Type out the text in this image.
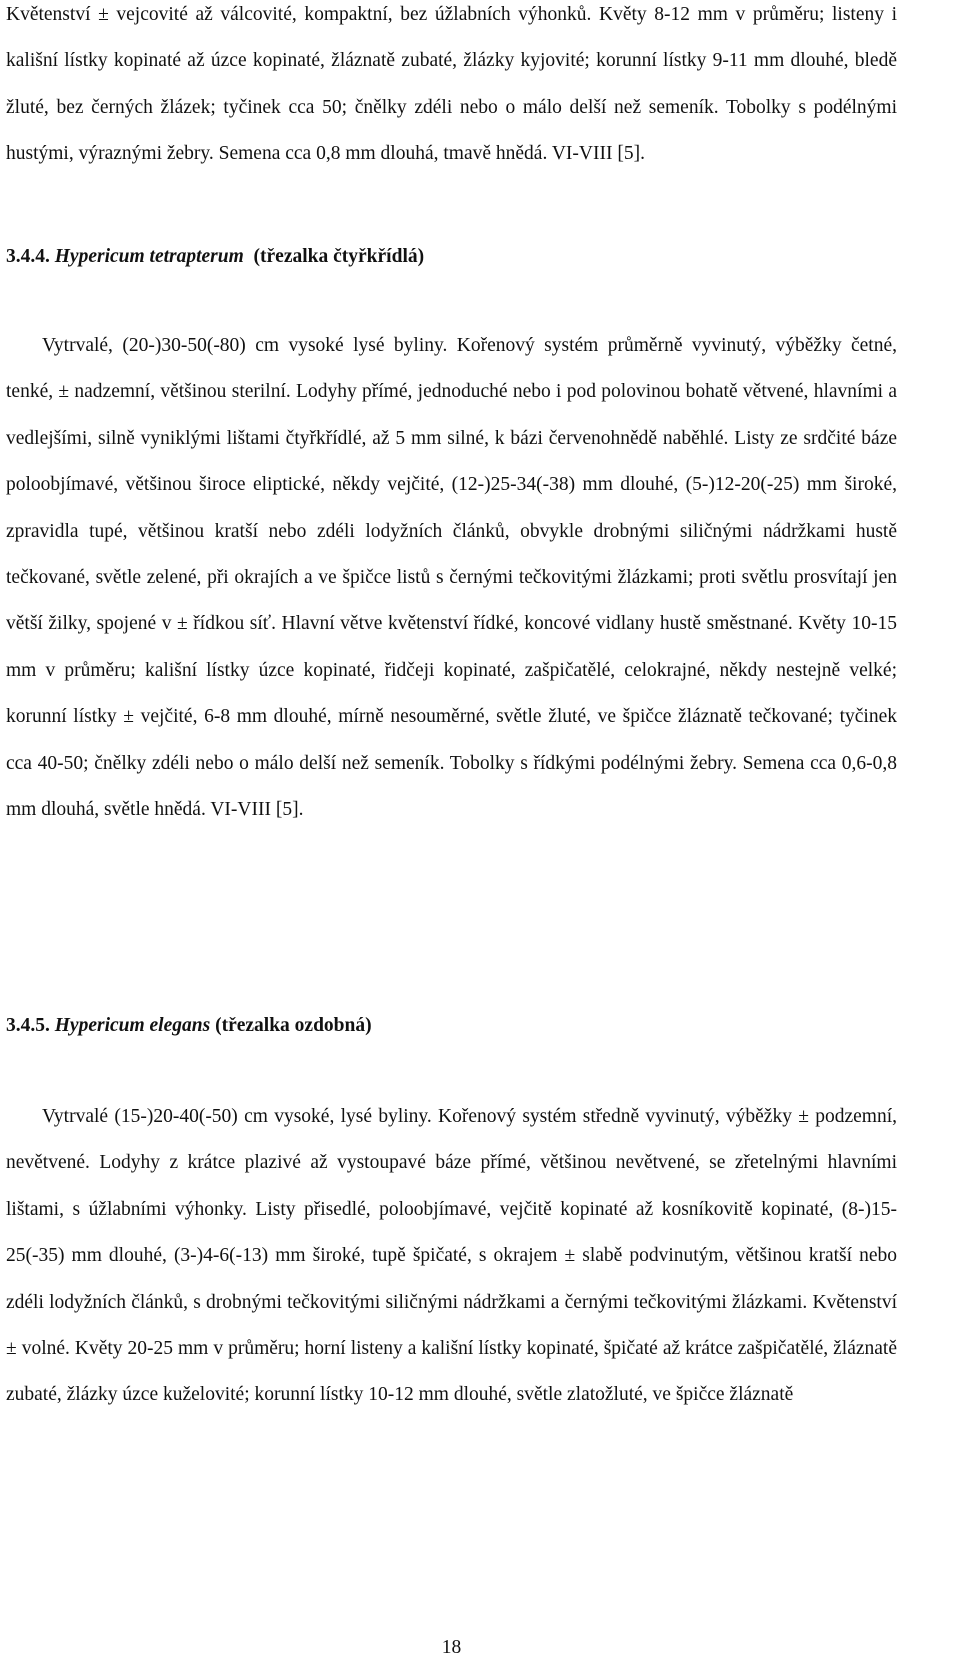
Květenství ± vejcovité až válcovité, kompaktní, bez úžlabních výhonků. Květy 8-12 mm v průměru; listeny i kališní lístky kopinaté až úzce kopinaté, žláznatě zubaté, žlázky kyjovité; korunní lístky 9-11 mm dlouhé, bledě žluté, bez černých žlázek; tyčinek cca 50; čnělky zdéli nebo o málo delší než semeník. Tobolky s podélnými hustými, výraznými žebry. Semena cca 0,8 mm dlouhá, tmavě hnědá. VI-VIII [5].

3.4.4. Hypericum tetrapterum (třezalka čtyřkřídlá)

Vytrvalé, (20-)30-50(-80) cm vysoké lysé byliny. Kořenový systém průměrně vyvinutý, výběžky četné, tenké, ± nadzemní, většinou sterilní. Lodyhy přímé, jednoduché nebo i pod polovinou bohatě větvené, hlavními a vedlejšími, silně vyniklými lištami čtyřkřídlé, až 5 mm silné, k bázi červenohnědě naběhlé. Listy ze srdčité báze poloobjímavé, většinou široce eliptické, někdy vejčité, (12-)25-34(-38) mm dlouhé, (5-)12-20(-25) mm široké, zpravidla tupé, většinou kratší nebo zdéli lodyžních článků, obvykle drobnými siličnými nádržkami hustě tečkované, světle zelené, při okrajích a ve špičce listů s černými tečkovitými žlázkami; proti světlu prosvítají jen větší žilky, spojené v ± řídkou síť. Hlavní větve květenství řídké, koncové vidlany hustě směstnané. Květy 10-15 mm v průměru; kališní lístky úzce kopinaté, řidčeji kopinaté, zašpičatělé, celokrajné, někdy nestejně velké; korunní lístky ± vejčité, 6-8 mm dlouhé, mírně nesouměrné, světle žluté, ve špičce žláznatě tečkované; tyčinek cca 40-50; čnělky zdéli nebo o málo delší než semeník. Tobolky s řídkými podélnými žebry. Semena cca 0,6-0,8 mm dlouhá, světle hnědá. VI-VIII [5].

3.4.5. Hypericum elegans (třezalka ozdobná)

Vytrvalé (15-)20-40(-50) cm vysoké, lysé byliny. Kořenový systém středně vyvinutý, výběžky ± podzemní, nevětvené. Lodyhy z krátce plazivé až vystoupavé báze přímé, většinou nevětvené, se zřetelnými hlavními lištami, s úžlabními výhonky. Listy přisedlé, poloobjímavé, vejčitě kopinaté až kosníkovitě kopinaté, (8-)15-25(-35) mm dlouhé, (3-)4-6(-13) mm široké, tupě špičaté, s okrajem ± slabě podvinutým, většinou kratší nebo zdéli lodyžních článků, s drobnými tečkovitými siličnými nádržkami a černými tečkovitými žlázkami. Květenství ± volné. Květy 20-25 mm v průměru; horní listeny a kališní lístky kopinaté, špičaté až krátce zašpičatělé, žláznatě zubaté, žlázky úzce kuželovité; korunní lístky 10-12 mm dlouhé, světle zlatožluté, ve špičce žláznatě

18
